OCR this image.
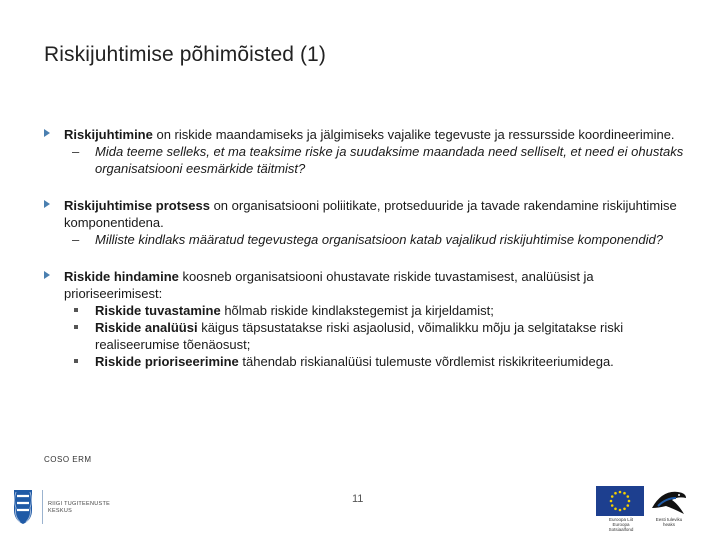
Riskijuhtimise põhimõisted (1)
Riskijuhtimine on riskide maandamiseks ja jälgimiseks vajalike tegevuste ja ressursside koordineerimine.
– Mida teeme selleks, et ma teaksime riske ja suudaksime maandada need selliselt, et need ei ohustaks organisatsiooni eesmärkide täitmist?
Riskijuhtimise protsess on organisatsiooni poliitikate, protseduuride ja tavade rakendamine riskijuhtimise komponentidena.
– Milliste kindlaks määratud tegevustega organisatsioon katab vajalikud riskijuhtimise komponendid?
Riskide hindamine koosneb organisatsiooni ohustavate riskide tuvastamisest, analüüsist ja prioriseerimisest:
Riskide tuvastamine hõlmab riskide kindlakstegemist ja kirjeldamist;
Riskide analüüsi käigus täpsustatakse riski asjaolusid, võimalikku mõju ja selgitatakse riski realiseerumise tõenäosust;
Riskide prioriseerimine tähendab riskianalüüsi tulemuste võrdlemist riskikriteeriumidega.
COSO ERM
11
RIIGI TUGITEENUSTE
KESKUS
Euroopa Liit Euroopa Sotsiaalfond
Eesti tuleviku heaks
